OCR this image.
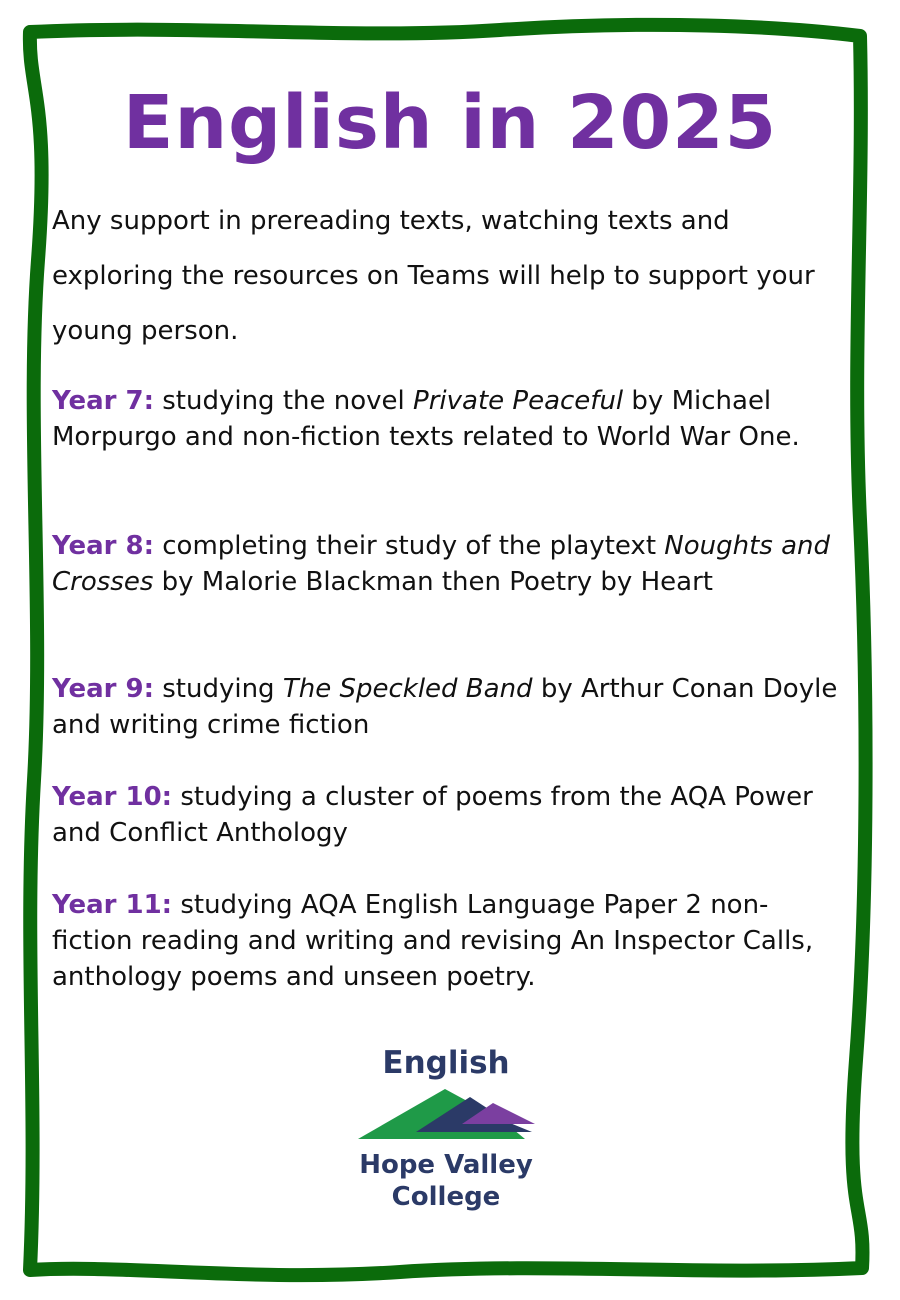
English in 2025

Any support in prereading texts, watching texts and exploring the resources on Teams will help to support your young person.

Year 7: studying the novel Private Peaceful by Michael Morpurgo and non-fiction texts related to World War One.

Year 8: completing their study of the playtext Noughts and Crosses by Malorie Blackman then Poetry by Heart

Year 9: studying The Speckled Band by Arthur Conan Doyle and writing crime fiction

Year 10: studying a cluster of poems from the AQA Power and Conflict Anthology

Year 11: studying AQA English Language Paper 2 non-fiction reading and writing and revising An Inspector Calls, anthology poems and unseen poetry.

English
Hope Valley
College
